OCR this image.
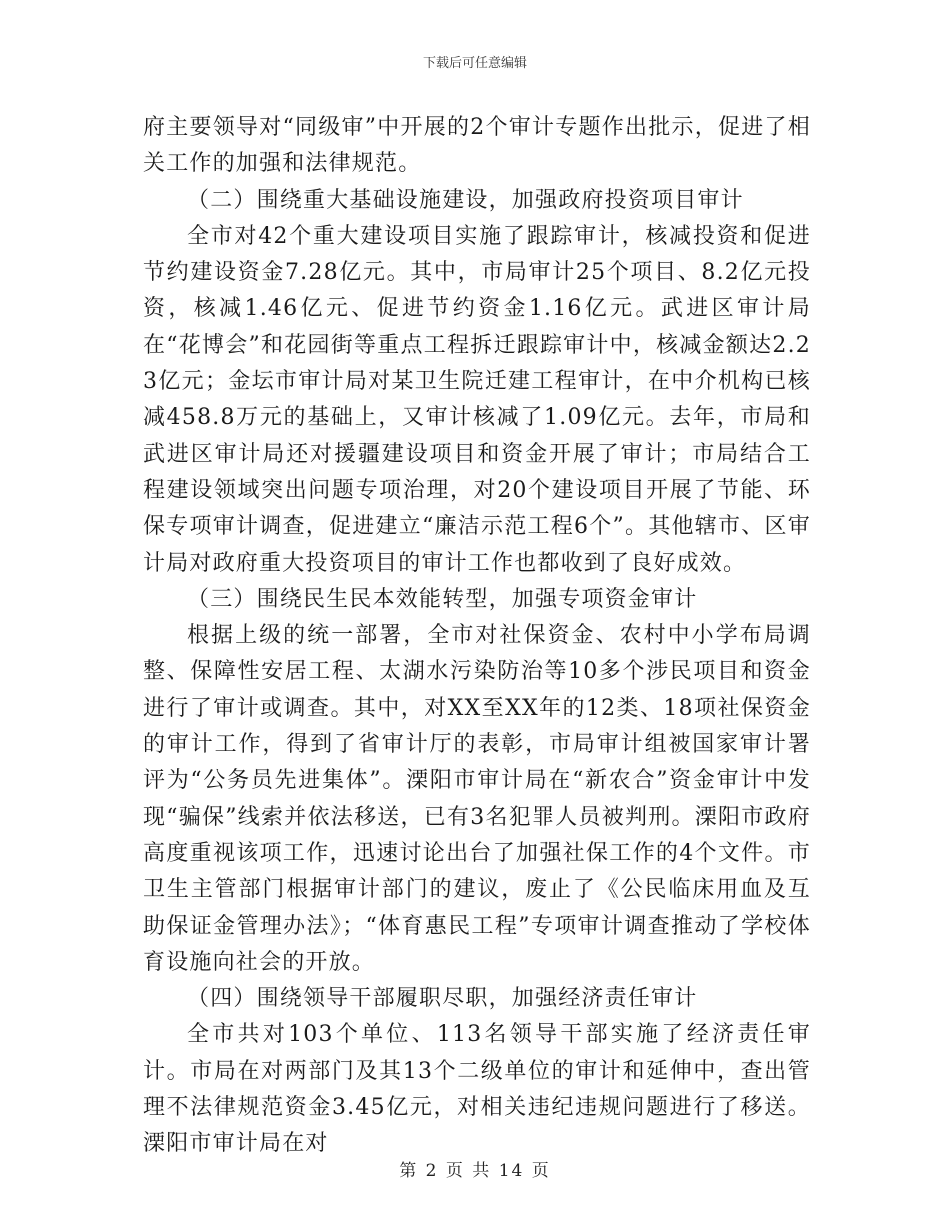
下载后可任意编辑

府主要领导对“同级审”中开展的2个审计专题作出批示，促进了相关工作的加强和法律规范。

（二）围绕重大基础设施建设，加强政府投资项目审计

全市对42个重大建设项目实施了跟踪审计，核减投资和促进节约建设资金7.28亿元。其中，市局审计25个项目、8.2亿元投资，核减1.46亿元、促进节约资金1.16亿元。武进区审计局在“花博会”和花园街等重点工程拆迁跟踪审计中，核减金额达2.23亿元；金坛市审计局对某卫生院迁建工程审计，在中介机构已核减458.8万元的基础上，又审计核减了1.09亿元。去年，市局和武进区审计局还对援疆建设项目和资金开展了审计；市局结合工程建设领域突出问题专项治理，对20个建设项目开展了节能、环保专项审计调查，促进建立“廉洁示范工程6个”。其他辖市、区审计局对政府重大投资项目的审计工作也都收到了良好成效。

（三）围绕民生民本效能转型，加强专项资金审计

根据上级的统一部署，全市对社保资金、农村中小学布局调整、保障性安居工程、太湖水污染防治等10多个涉民项目和资金进行了审计或调查。其中，对XX至XX年的12类、18项社保资金的审计工作，得到了省审计厅的表彰，市局审计组被国家审计署评为“公务员先进集体”。溧阳市审计局在“新农合”资金审计中发现“骗保”线索并依法移送，已有3名犯罪人员被判刑。溧阳市政府高度重视该项工作，迅速讨论出台了加强社保工作的4个文件。市卫生主管部门根据审计部门的建议，废止了《公民临床用血及互助保证金管理办法》；“体育惠民工程”专项审计调查推动了学校体育设施向社会的开放。

（四）围绕领导干部履职尽职，加强经济责任审计

全市共对103个单位、113名领导干部实施了经济责任审计。市局在对两部门及其13个二级单位的审计和延伸中，查出管理不法律规范资金3.45亿元，对相关违纪违规问题进行了移送。溧阳市审计局在对

第 2 页 共 14 页
